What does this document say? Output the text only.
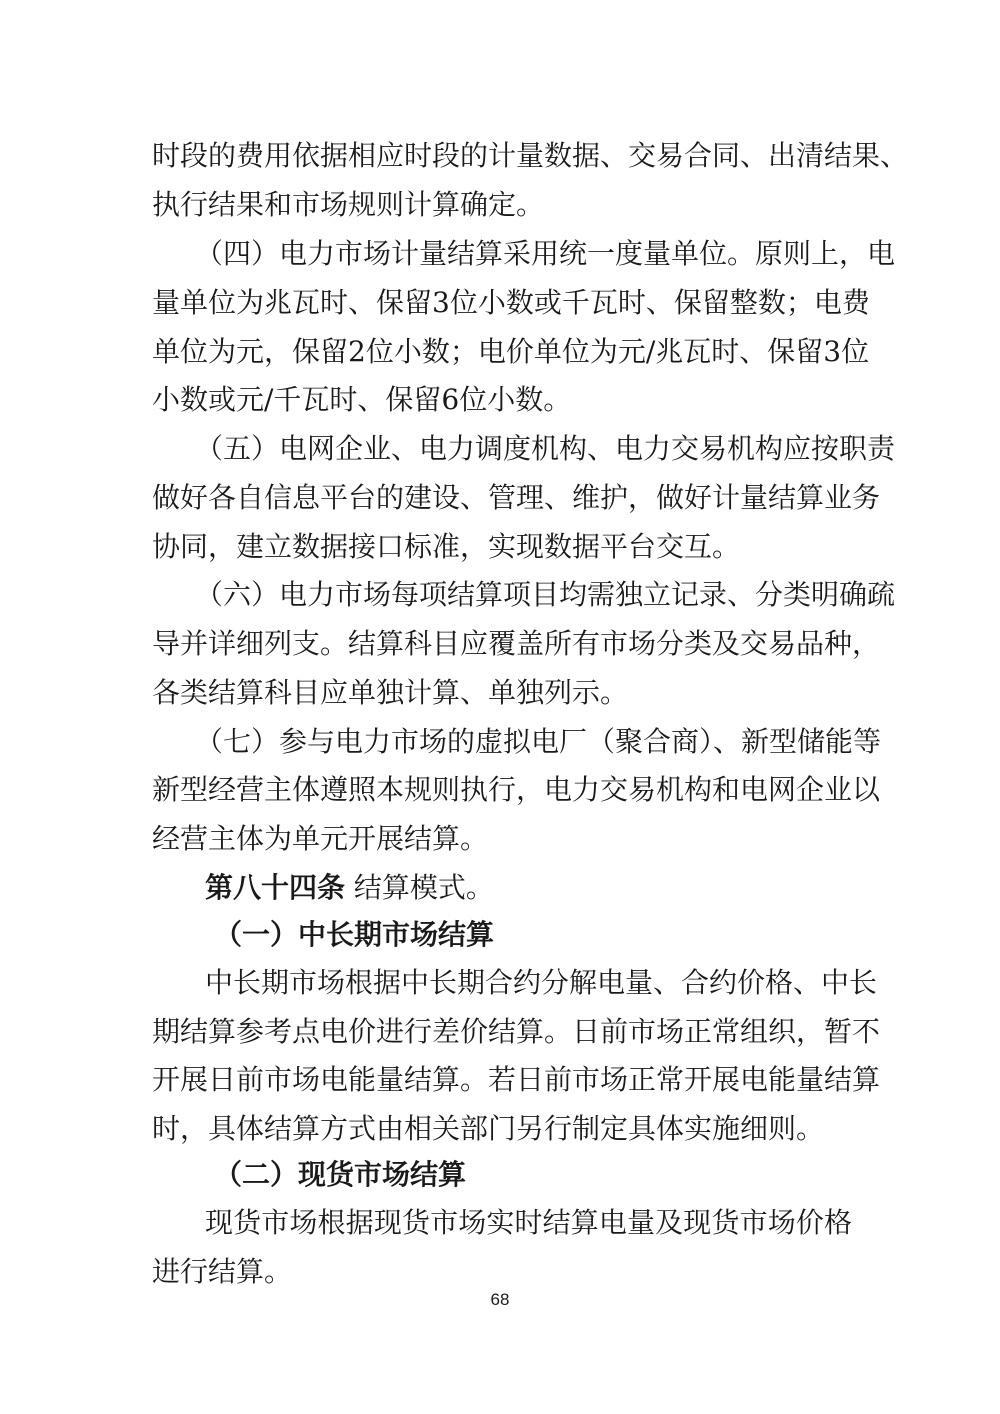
时段的费用依据相应时段的计量数据、交易合同、出清结果、
执行结果和市场规则计算确定。
（四）电力市场计量结算采用统一度量单位。原则上，电
量单位为兆瓦时、保留3位小数或千瓦时、保留整数；电费
单位为元，保留2位小数；电价单位为元/兆瓦时、保留3位
小数或元/千瓦时、保留6位小数。
（五）电网企业、电力调度机构、电力交易机构应按职责
做好各自信息平台的建设、管理、维护，做好计量结算业务
协同，建立数据接口标准，实现数据平台交互。
（六）电力市场每项结算项目均需独立记录、分类明确疏
导并详细列支。结算科目应覆盖所有市场分类及交易品种，
各类结算科目应单独计算、单独列示。
（七）参与电力市场的虚拟电厂（聚合商）、新型储能等
新型经营主体遵照本规则执行，电力交易机构和电网企业以
经营主体为单元开展结算。
第八十四条 结算模式。
（一）中长期市场结算
中长期市场根据中长期合约分解电量、合约价格、中长
期结算参考点电价进行差价结算。日前市场正常组织，暂不
开展日前市场电能量结算。若日前市场正常开展电能量结算
时，具体结算方式由相关部门另行制定具体实施细则。
（二）现货市场结算
现货市场根据现货市场实时结算电量及现货市场价格
进行结算。
68
